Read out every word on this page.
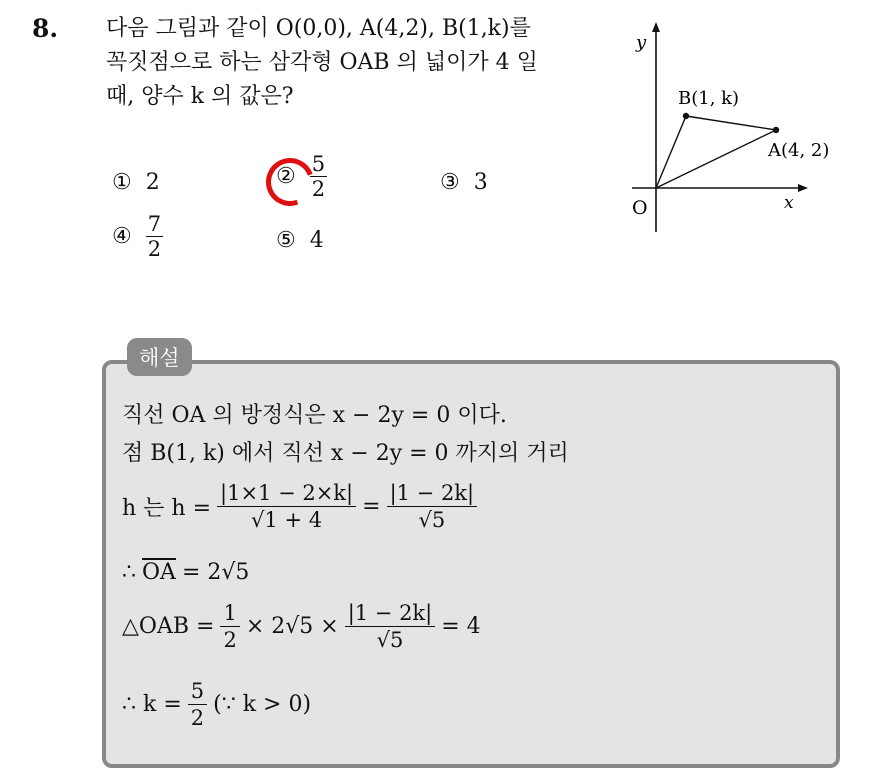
8. 다음 그림과 같이 O(0,0), A(4,2), B(1,k)를
꼭짓점으로 하는 삼각형 OAB 의 넓이가 4 일
때, 양수 k 의 값은?
① 2	② $\frac{5}{2}$	③ 3
④ $\frac{7}{2}$	⑤ 4
y
x
O
B(1, k)
A(4, 2)
해설
직선 OA 의 방정식은 x − 2y = 0 이다.
점 B(1, k) 에서 직선 x − 2y = 0 까지의 거리
h 는 $h = \frac{|1\times 1 - 2\times k|}{√1 + 4} = \frac{|1 - 2k|}{√5}$
∴ $\overline{OA} = 2√5$
△OAB = $\frac{1}{2} \times 2√5 \times \frac{|1 - 2k|}{√5} = 4$
∴ $k = \frac{5}{2}$ (∵ k > 0)
